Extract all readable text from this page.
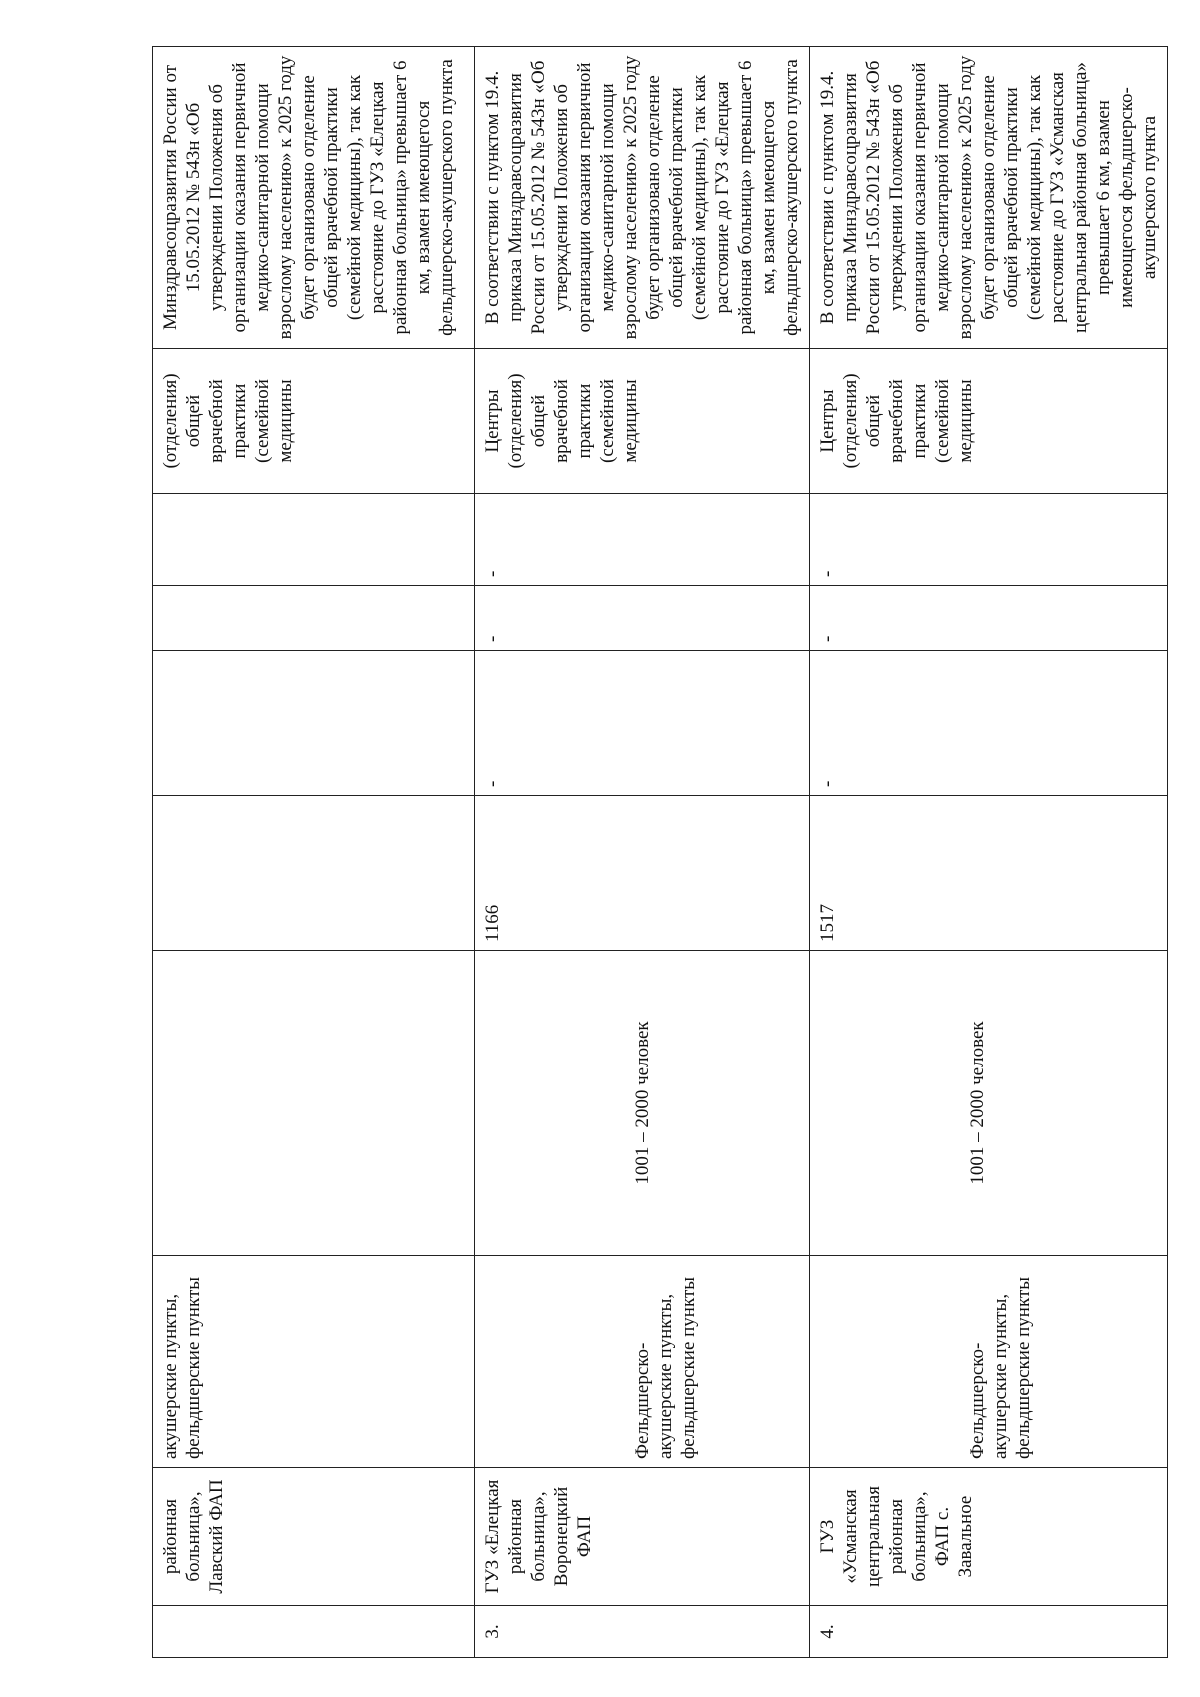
	районная больница», Лавский ФАП	акушерские пункты, фельдшерские пункты						(отделения) общей врачебной практики (семейной медицины	Минздравсоцразвития России от 15.05.2012 № 543н «Об утверждении Положения об организации оказания первичной медико-санитарной помощи взрослому населению» к 2025 году будет организовано отделение общей врачебной практики (семейной медицины), так как расстояние до ГУЗ «Елецкая районная больница» превышает 6 км, взамен имеющегося фельдшерско-акушерского пункта
3.	ГУЗ «Елецкая районная больница», Воронецкий ФАП	Фельдшерско-акушерские пункты, фельдшерские пункты	1001 – 2000 человек	1166	-	-	-	Центры (отделения) общей врачебной практики (семейной медицины	В соответствии с пунктом 19.4. приказа Минздравсоцразвития России от 15.05.2012 № 543н «Об утверждении Положения об организации оказания первичной медико-санитарной помощи взрослому населению» к 2025 году будет организовано отделение общей врачебной практики (семейной медицины), так как расстояние до ГУЗ «Елецкая районная больница» превышает 6 км, взамен имеющегося фельдшерско-акушерского пункта
4.	ГУЗ «Усманская центральная районная больница», ФАП с. Завальное	Фельдшерско-акушерские пункты, фельдшерские пункты	1001 – 2000 человек	1517	-	-	-	Центры (отделения) общей врачебной практики (семейной медицины	В соответствии с пунктом 19.4. приказа Минздравсоцразвития России от 15.05.2012 № 543н «Об утверждении Положения об организации оказания первичной медико-санитарной помощи взрослому населению» к 2025 году будет организовано отделение общей врачебной практики (семейной медицины), так как расстояние до ГУЗ «Усманская центральная районная больница» превышает 6 км, взамен имеющегося фельдшерско-акушерского пункта
